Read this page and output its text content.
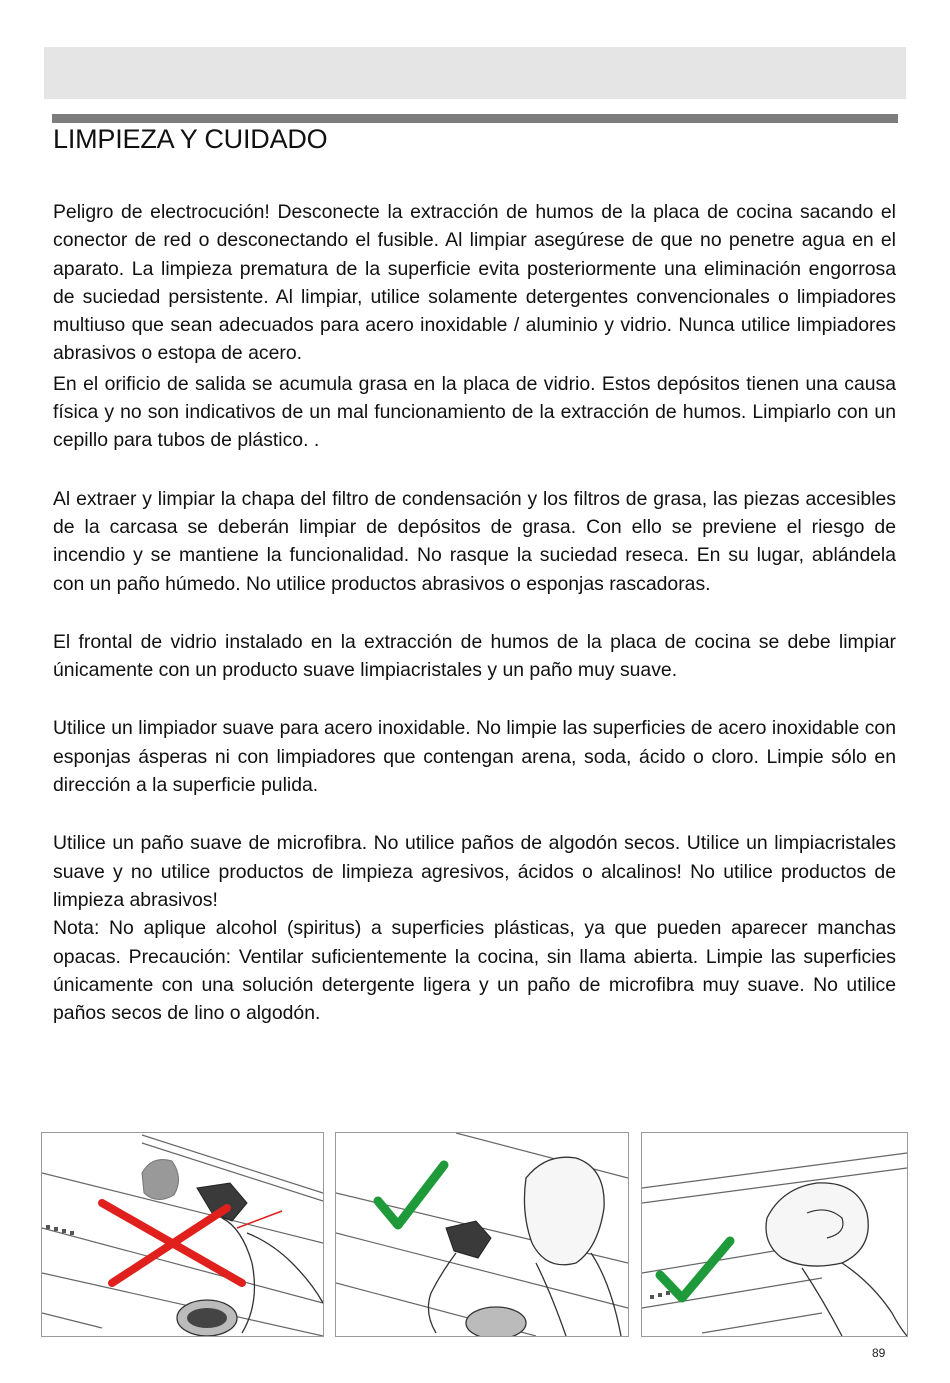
LIMPIEZA Y CUIDADO

Peligro de electrocución! Desconecte la extracción de humos de la placa de cocina sacando el conector de red o desconectando el fusible. Al limpiar asegúrese de que no penetre agua en el aparato. La limpieza prematura de la superficie evita posteriormente una eliminación engorrosa de suciedad persistente. Al limpiar, utilice solamente detergentes convencionales o limpiadores multiuso que sean adecuados para acero inoxidable / aluminio y vidrio. Nunca utilice limpiadores abrasivos o estopa de acero.

En el orificio de salida se acumula grasa en la placa de vidrio. Estos depósitos tienen una causa física y no son indicativos de un mal funcionamiento de la extracción de humos. Limpiarlo con un cepillo para tubos de plástico. .

Al extraer y limpiar la chapa del filtro de condensación y los filtros de grasa, las piezas accesibles de la carcasa se deberán limpiar de depósitos de grasa. Con ello se previene el riesgo de incendio y se mantiene la funcionalidad. No rasque la suciedad reseca. En su lugar, ablándela con un paño húmedo. No utilice productos abrasivos o esponjas rascadoras.

El frontal de vidrio instalado en la extracción de humos de la placa de cocina se debe limpiar únicamente con un producto suave limpiacristales y un paño muy suave.

Utilice un limpiador suave para acero inoxidable. No limpie las superficies de acero inoxidable con esponjas ásperas ni con limpiadores que contengan arena, soda, ácido o cloro. Limpie sólo en dirección a la superficie pulida.

Utilice un paño suave de microfibra. No utilice paños de algodón secos. Utilice un limpiacristales suave y no utilice productos de limpieza agresivos, ácidos o alcalinos! No utilice productos de limpieza abrasivos!

Nota: No aplique alcohol (spiritus) a superficies plásticas, ya que pueden aparecer manchas opacas. Precaución: Ventilar suficientemente la cocina, sin llama abierta. Limpie las superficies únicamente con una solución detergente ligera y un paño de microfibra muy suave. No utilice paños secos de lino o algodón.

89
